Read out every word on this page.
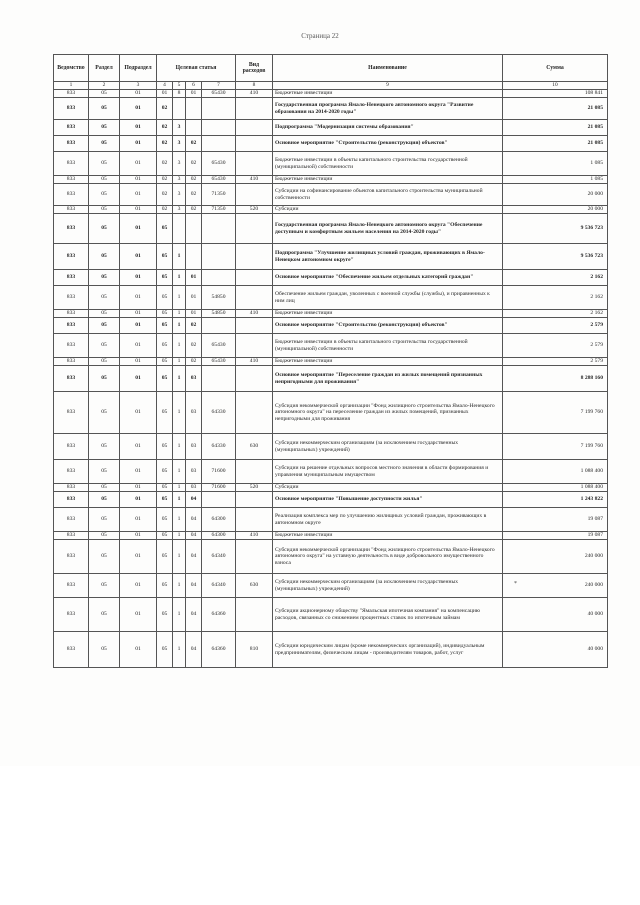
Страница 22
*
Ведомство	Раздел	Подраздел	Целевая статья				Вид расходов	Наименование	Сумма
1	2	3	4	5	6	7	8	9	10
833	05	01	01	8	01	65430	410	Бюджетные инвестиции	108 841
833	05	01	02					Государственная программа Ямало-Ненецкого автономного округа "Развитие образования на 2014-2020 годы"	21 085
833	05	01	02	3				Подпрограмма "Модернизация системы образования"	21 085
833	05	01	02	3	02			Основное мероприятие "Строительство (реконструкция) объектов"	21 085
833	05	01	02	3	02	65430		Бюджетные инвестиции в объекты капитального строительства государственной (муниципальной) собственности	1 085
833	05	01	02	3	02	65430	410	Бюджетные инвестиции	1 085
833	05	01	02	3	02	71350		Субсидии на софинансирование объектов капитального строительства муниципальной собственности	20 000
833	05	01	02	3	02	71350	520	Субсидии	20 000
833	05	01	05					Государственная программа Ямало-Ненецкого автономного округа "Обеспечение доступным и комфортным жильем населения на 2014-2020 годы"	9 536 723
833	05	01	05	1				Подпрограмма "Улучшение жилищных условий граждан, проживающих в Ямало-Ненецком автономном округе"	9 536 723
833	05	01	05	1	01			Основное мероприятие "Обеспечение жильем отдельных категорий граждан"	2 162
833	05	01	05	1	01	54850		Обеспечение жильем граждан, уволенных с военной службы (службы), и приравненных к ним лиц	2 162
833	05	01	05	1	01	54850	410	Бюджетные инвестиции	2 162
833	05	01	05	1	02			Основное мероприятие "Строительство (реконструкция) объектов"	2 579
833	05	01	05	1	02	65430		Бюджетные инвестиции в объекты капитального строительства государственной (муниципальной) собственности	2 579
833	05	01	05	1	02	65430	410	Бюджетные инвестиции	2 579
833	05	01	05	1	03			Основное мероприятие "Переселение граждан из жилых помещений признанных непригодными для проживания"	8 288 160
833	05	01	05	1	03	64330		Субсидия некоммерческой организации "Фонд жилищного строительства Ямало-Ненецкого автономного округа" на переселение граждан из жилых помещений, признанных непригодными для проживания	7 199 760
833	05	01	05	1	03	64330	630	Субсидии некоммерческим организациям (за исключением государственных (муниципальных) учреждений)	7 199 760
833	05	01	05	1	03	71600		Субсидии на решение отдельных вопросов местного значения в области формирования и управления муниципальным имуществом	1 088 400
833	05	01	05	1	03	71600	520	Субсидии	1 088 400
833	05	01	05	1	04			Основное мероприятие "Повышение доступности жилья"	1 243 822
833	05	01	05	1	04	64300		Реализация комплекса мер по улучшению жилищных условий граждан, проживающих в автономном округе	19 087
833	05	01	05	1	04	64300	410	Бюджетные инвестиции	19 087
833	05	01	05	1	04	64340		Субсидия некоммерческой организации "Фонд жилищного строительства Ямало-Ненецкого автономного округа" на уставную деятельность в виде добровольного имущественного взноса	240 000
833	05	01	05	1	04	64340	630	Субсидии некоммерческим организациям (за исключением государственных (муниципальных) учреждений)	240 000
833	05	01	05	1	04	64360		Субсидии акционерному обществу "Ямальская ипотечная компания" на компенсацию расходов, связанных со снижением процентных ставок по ипотечным займам	40 000
833	05	01	05	1	04	64360	810	Субсидии юридическим лицам (кроме некоммерческих организаций), индивидуальным предпринимателям, физическим лицам - производителям товаров, работ, услуг	40 000
